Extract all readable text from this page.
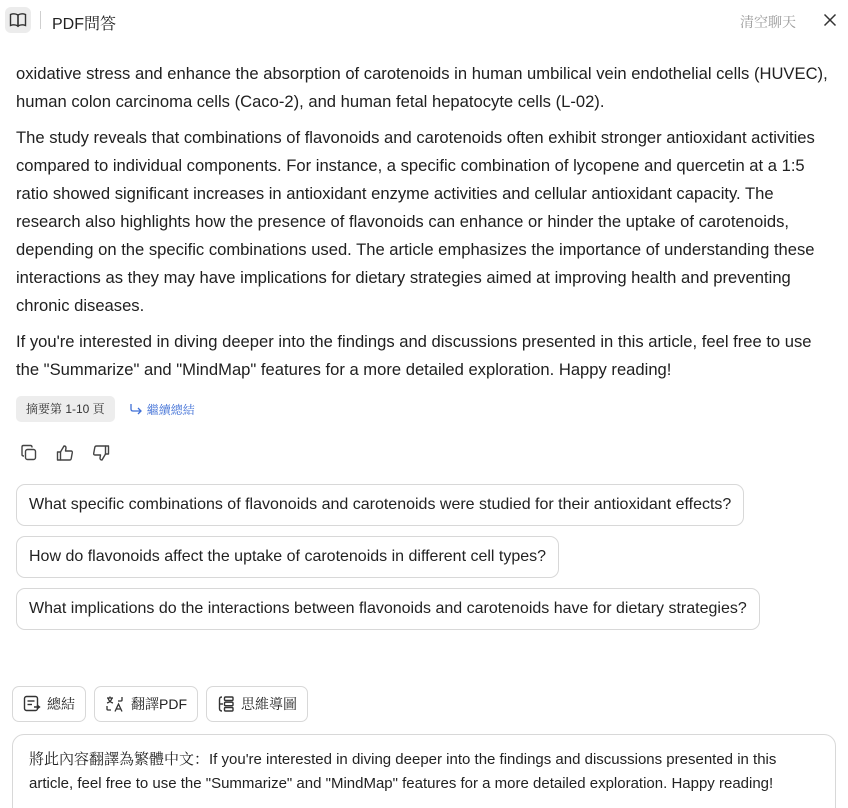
PDF問答	清空聊天

oxidative stress and enhance the absorption of carotenoids in human umbilical vein endothelial cells (HUVEC), human colon carcinoma cells (Caco-2), and human fetal hepatocyte cells (L-02).

The study reveals that combinations of flavonoids and carotenoids often exhibit stronger antioxidant activities compared to individual components. For instance, a specific combination of lycopene and quercetin at a 1:5 ratio showed significant increases in antioxidant enzyme activities and cellular antioxidant capacity. The research also highlights how the presence of flavonoids can enhance or hinder the uptake of carotenoids, depending on the specific combinations used. The article emphasizes the importance of understanding these interactions as they may have implications for dietary strategies aimed at improving health and preventing chronic diseases.

If you're interested in diving deeper into the findings and discussions presented in this article, feel free to use the "Summarize" and "MindMap" features for a more detailed exploration. Happy reading!

摘要第 1-10 頁	繼續總結
What specific combinations of flavonoids and carotenoids were studied for their antioxidant effects?
How do flavonoids affect the uptake of carotenoids in different cell types?
What implications do the interactions between flavonoids and carotenoids have for dietary strategies?
總結	翻譯PDF	思維導圖
將此內容翻譯為繁體中文：If you're interested in diving deeper into the findings and discussions presented in this article, feel free to use the "Summarize" and "MindMap" features for a more detailed exploration. Happy reading!
